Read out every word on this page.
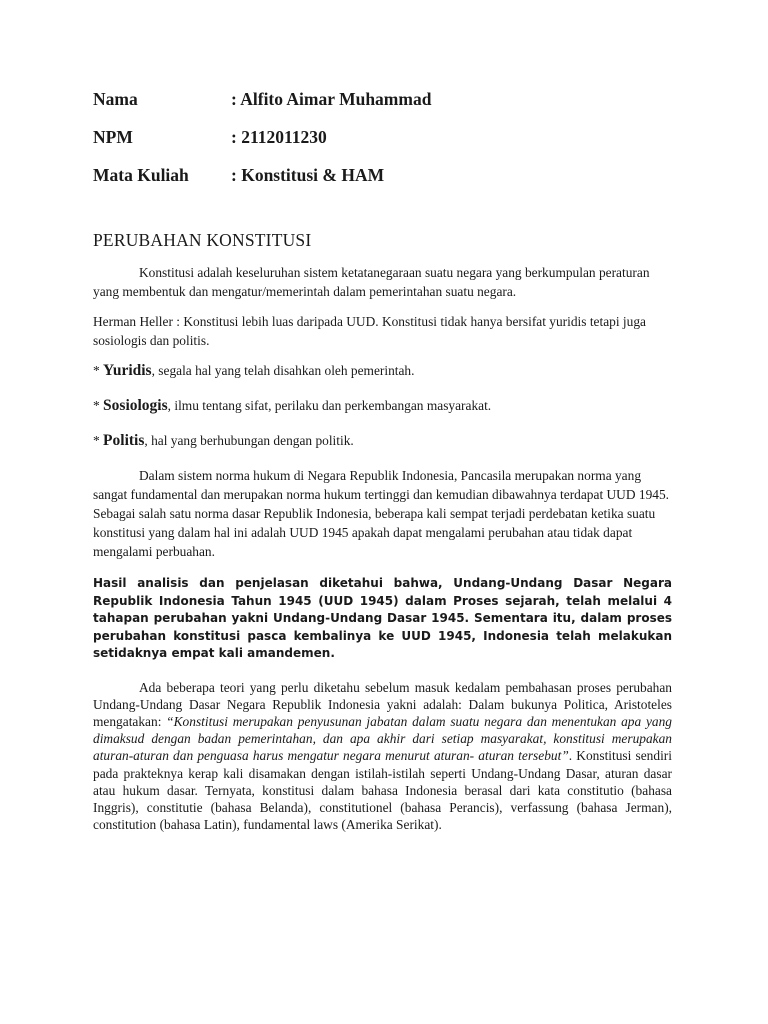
Nama	: Alfito Aimar Muhammad
NPM	: 2112011230
Mata Kuliah	: Konstitusi & HAM
PERUBAHAN KONSTITUSI

Konstitusi adalah keseluruhan sistem ketatanegaraan suatu negara yang berkumpulan peraturan yang membentuk dan mengatur/memerintah dalam pemerintahan suatu negara.

Herman Heller : Konstitusi lebih luas daripada UUD. Konstitusi tidak hanya bersifat yuridis tetapi juga sosiologis dan politis.

* Yuridis, segala hal yang telah disahkan oleh pemerintah.

* Sosiologis, ilmu tentang sifat, perilaku dan perkembangan masyarakat.

* Politis, hal yang berhubungan dengan politik.

Dalam sistem norma hukum di Negara Republik Indonesia, Pancasila merupakan norma yang sangat fundamental dan merupakan norma hukum tertinggi dan kemudian dibawahnya terdapat UUD 1945. Sebagai salah satu norma dasar Republik Indonesia, beberapa kali sempat terjadi perdebatan ketika suatu konstitusi yang dalam hal ini adalah UUD 1945 apakah dapat mengalami perubahan atau tidak dapat mengalami perbuahan.

Hasil analisis dan penjelasan diketahui bahwa, Undang-Undang Dasar Negara Republik Indonesia Tahun 1945 (UUD 1945) dalam Proses sejarah, telah melalui 4 tahapan perubahan yakni Undang-Undang Dasar 1945. Sementara itu, dalam proses perubahan konstitusi pasca kembalinya ke UUD 1945, Indonesia telah melakukan setidaknya empat kali amandemen.

Ada beberapa teori yang perlu diketahu sebelum masuk kedalam pembahasan proses perubahan Undang-Undang Dasar Negara Republik Indonesia yakni adalah: Dalam bukunya Politica, Aristoteles mengatakan: “Konstitusi merupakan penyusunan jabatan dalam suatu negara dan menentukan apa yang dimaksud dengan badan pemerintahan, dan apa akhir dari setiap masyarakat, konstitusi merupakan aturan-aturan dan penguasa harus mengatur negara menurut aturan- aturan tersebut”. Konstitusi sendiri pada prakteknya kerap kali disamakan dengan istilah-istilah seperti Undang-Undang Dasar, aturan dasar atau hukum dasar. Ternyata, konstitusi dalam bahasa Indonesia berasal dari kata constitutio (bahasa Inggris), constitutie (bahasa Belanda), constitutionel (bahasa Perancis), verfassung (bahasa Jerman), constitution (bahasa Latin), fundamental laws (Amerika Serikat).
